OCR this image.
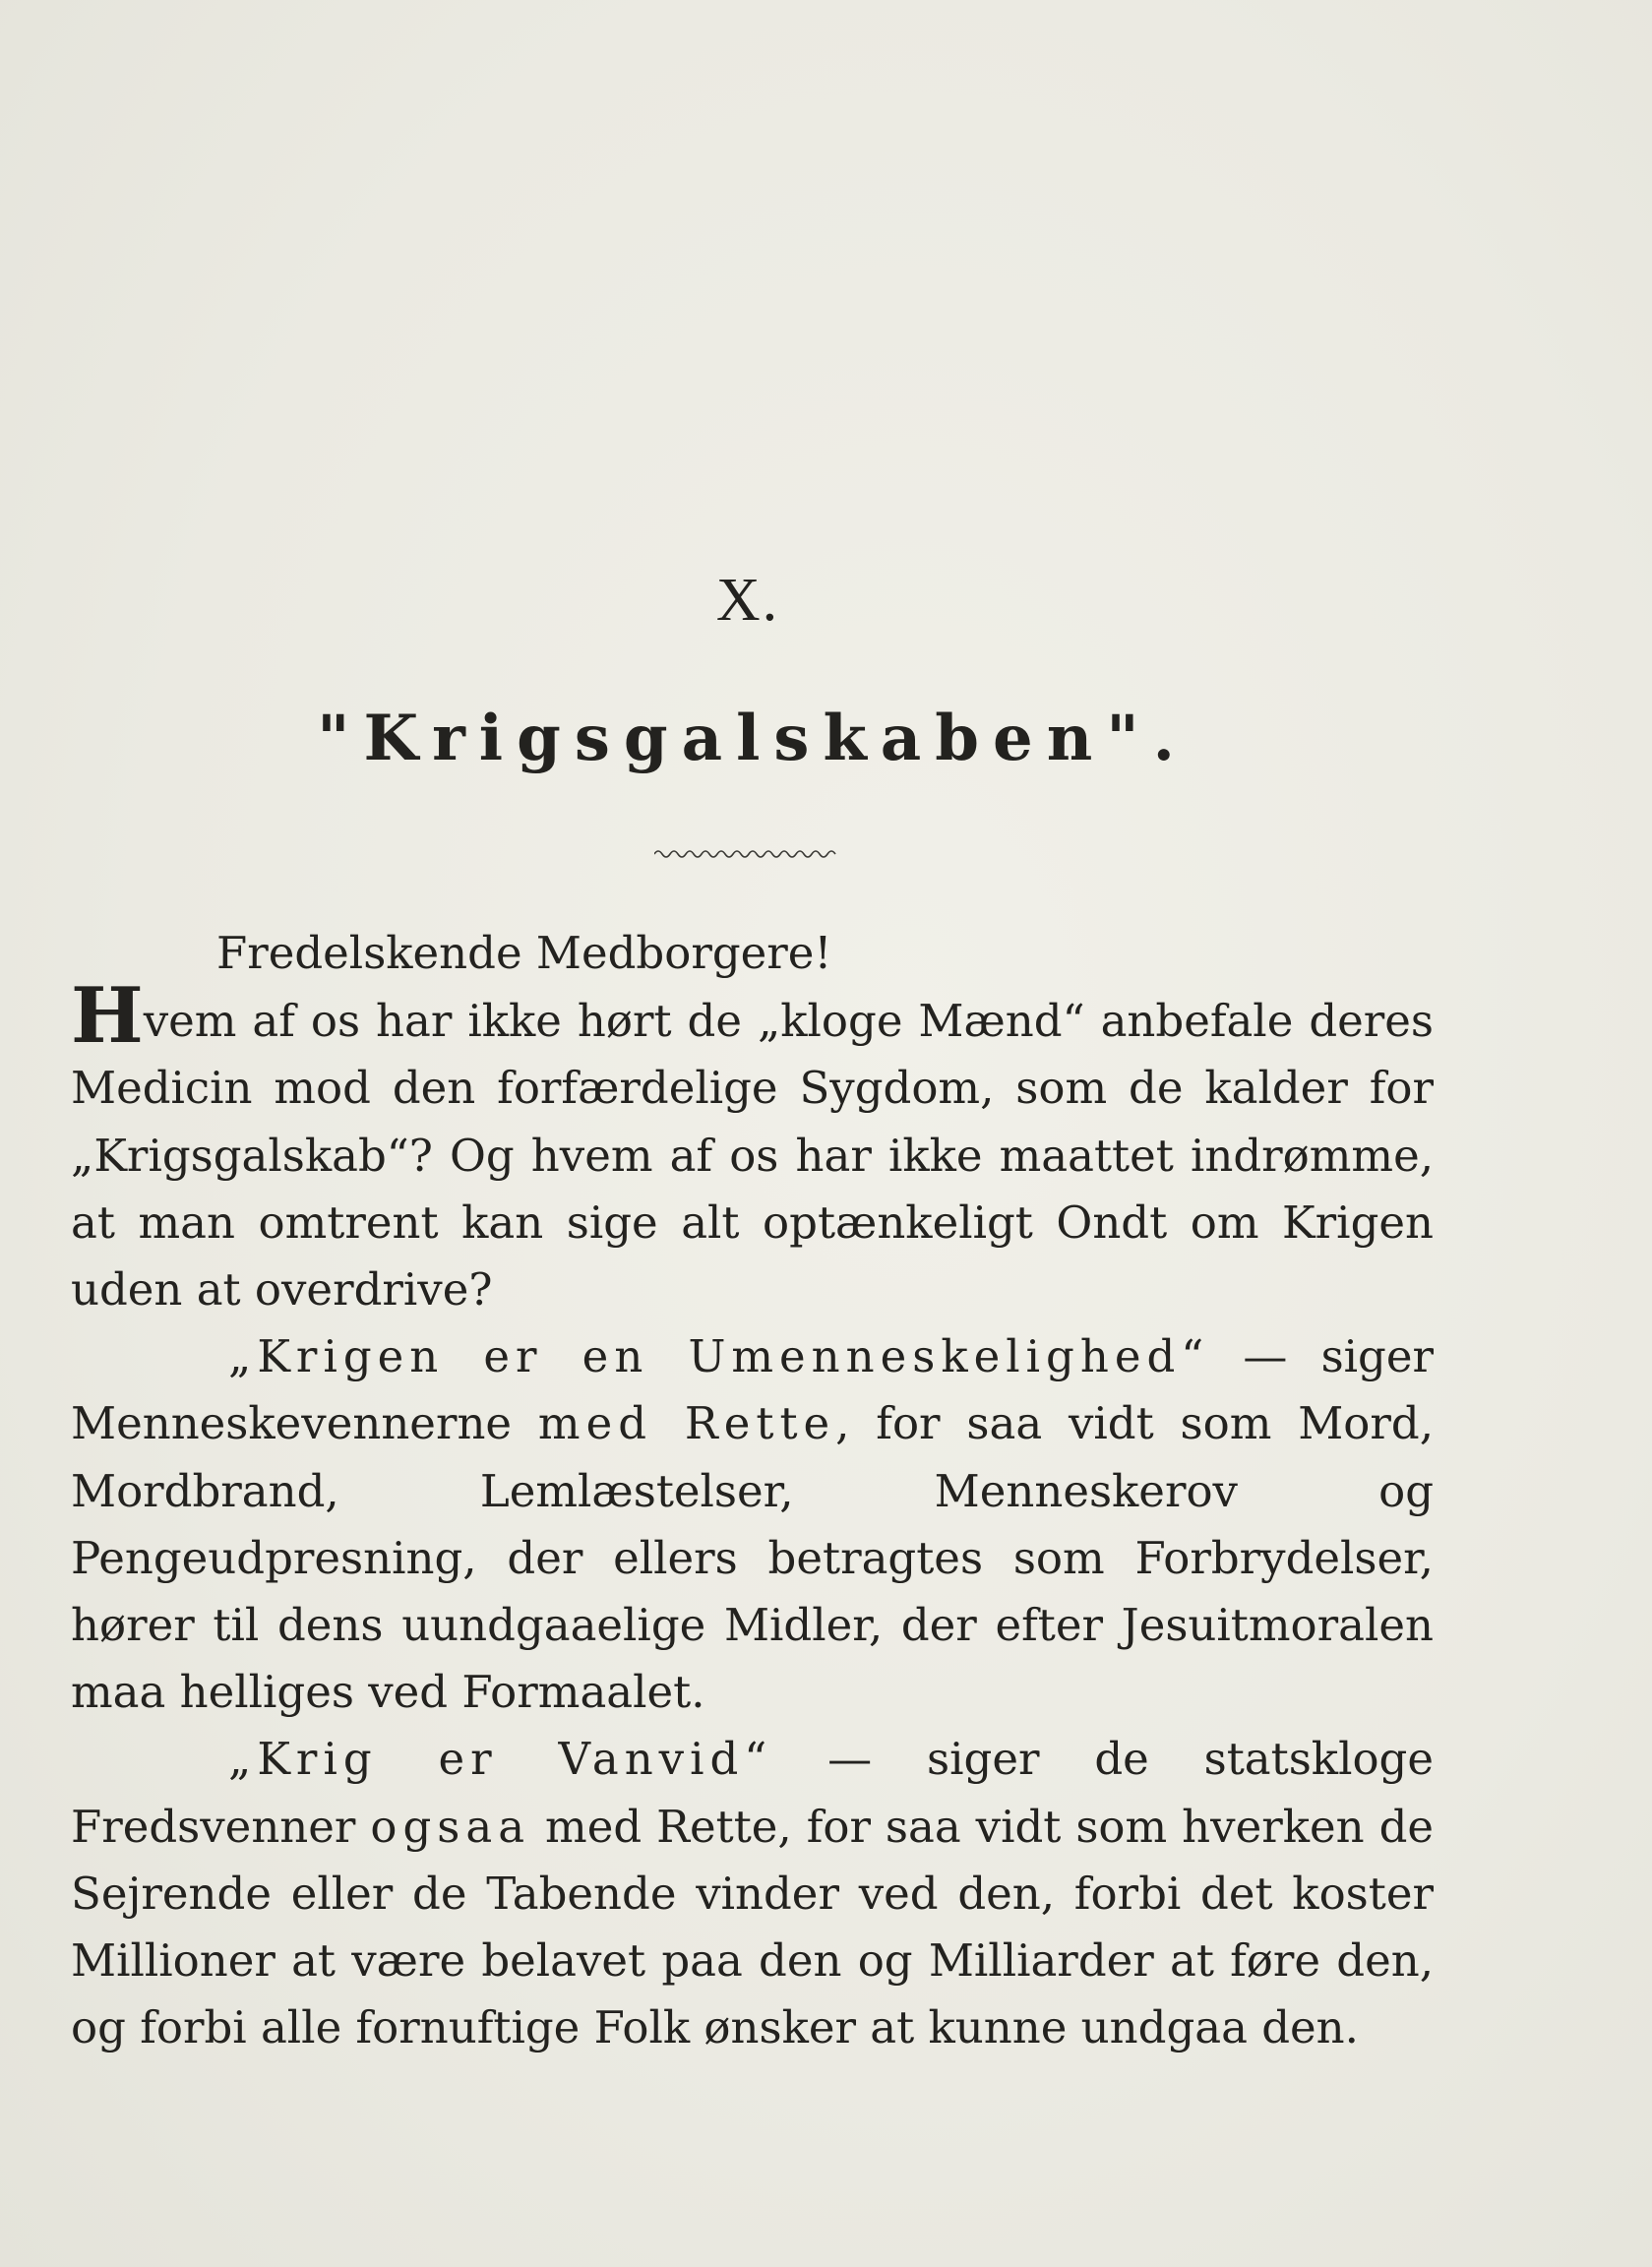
X.
"Krigsgalskaben".

Fredelskende Medborgere!

Hvem af os har ikke hørt de „kloge Mænd“ anbefale deres Medicin mod den forfærdelige Sygdom, som de kalder for „Krigsgalskab“? Og hvem af os har ikke maattet indrømme, at man omtrent kan sige alt optænkeligt Ondt om Krigen uden at overdrive?

„Krigen er en Umenneskelighed“ — siger Menneskevennerne med Rette, for saa vidt som Mord, Mordbrand, Lemlæstelser, Menneskerov og Pengeudpresning, der ellers betragtes som Forbrydelser, hører til dens uundgaaelige Midler, der efter Jesuitmoralen maa helliges ved Formaalet.

„Krig er Vanvid“ — siger de statskloge Fredsvenner ogsaa med Rette, for saa vidt som hverken de Sejrende eller de Tabende vinder ved den, forbi det koster Millioner at være belavet paa den og Milliarder at føre den, og forbi alle fornuftige Folk ønsker at kunne undgaa den.
